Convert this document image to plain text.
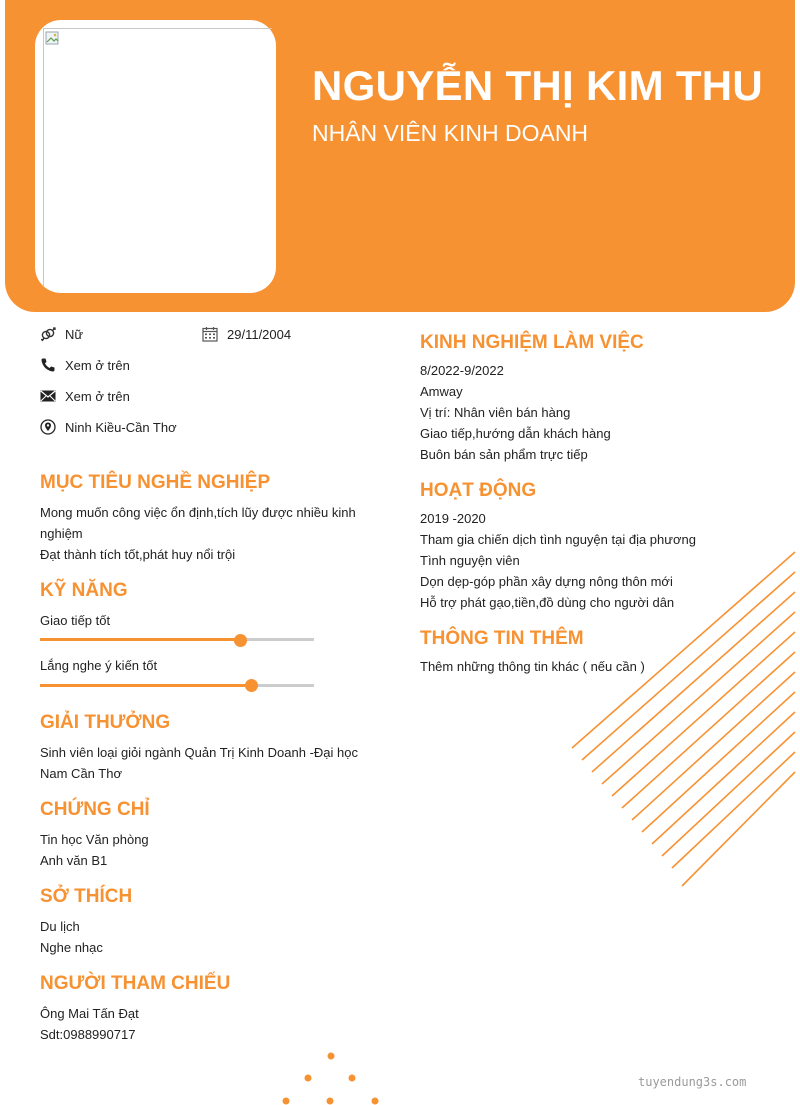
NGUYỄN THỊ KIM THU
NHÂN VIÊN KINH DOANH
Nữ	29/11/2004
Xem ở trên
Xem ở trên
Ninh Kiều-Cần Thơ
MỤC TIÊU NGHỀ NGHIỆP
Mong muốn công việc ổn định,tích lũy được nhiều kinh
nghiệm
Đạt thành tích tốt,phát huy nổi trội
KỸ NĂNG
Giao tiếp tốt
Lắng nghe ý kiến tốt
GIẢI THƯỞNG
Sinh viên loại giỏi ngành Quản Trị Kinh Doanh -Đại học
Nam Cần Thơ
CHỨNG CHỈ
Tin học Văn phòng
Anh văn B1
SỞ THÍCH
Du lịch
Nghe nhạc
NGƯỜI THAM CHIẾU
Ông Mai Tấn Đạt
Sdt:0988990717
KINH NGHIỆM LÀM VIỆC
8/2022-9/2022
Amway
Vị trí: Nhân viên bán hàng
Giao tiếp,hướng dẫn khách hàng
Buôn bán sản phẩm trực tiếp
HOẠT ĐỘNG
2019 -2020
Tham gia chiến dịch tình nguyện tại địa phương
Tình nguyện viên
Dọn dẹp-góp phần xây dựng nông thôn mới
Hỗ trợ phát gạo,tiền,đồ dùng cho người dân
THÔNG TIN THÊM
Thêm những thông tin khác ( nếu cần )
tuyendung3s.com
